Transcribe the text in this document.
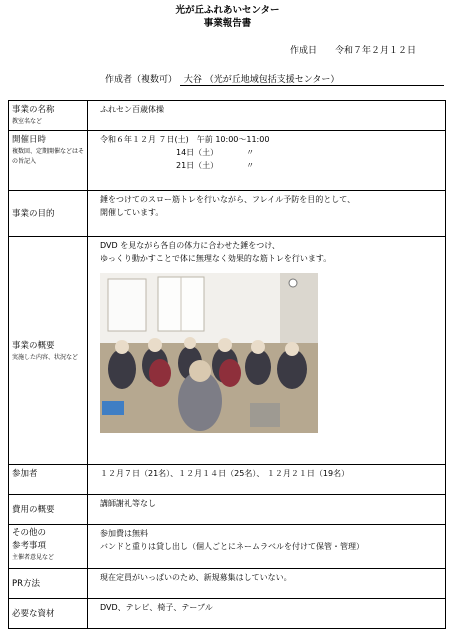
光が丘ふれあいセンター
事業報告書
作成日　　令和７年２月１２日
作成者（複数可） 大谷 （光が丘地域包括支援センター）
事業の名称
教室名など	ふれセン百歳体操
開催日時
複数回、定期開催などはその旨記入	令和６年１２月 ７日(土)　午前 10:00～11:00
14日（土）　　　　〃
21日（土）　　　　〃

事業の目的	錘をつけてのスロー筋トレを行いながら、フレイル予防を目的として、
開催しています。

事業の概要
実施した内容、状況など	DVD を見ながら各自の体力に合わせた錘をつけ、
ゆっくり動かすことで体に無理なく効果的な筋トレを行います。

参加者	１２月７日（21名）、１２月１４日（25名）、 １２月２１日（19名）
費用の概要	講師謝礼等なし

その他の
参考事項
主催者意見など	参加費は無料
バンドと重りは貸し出し（個人ごとにネームラベルを付けて保管・管理）

PR方法	現在定員がいっぱいのため、新規募集はしていない。
必要な資材	DVD、テレビ、椅子、テーブル
